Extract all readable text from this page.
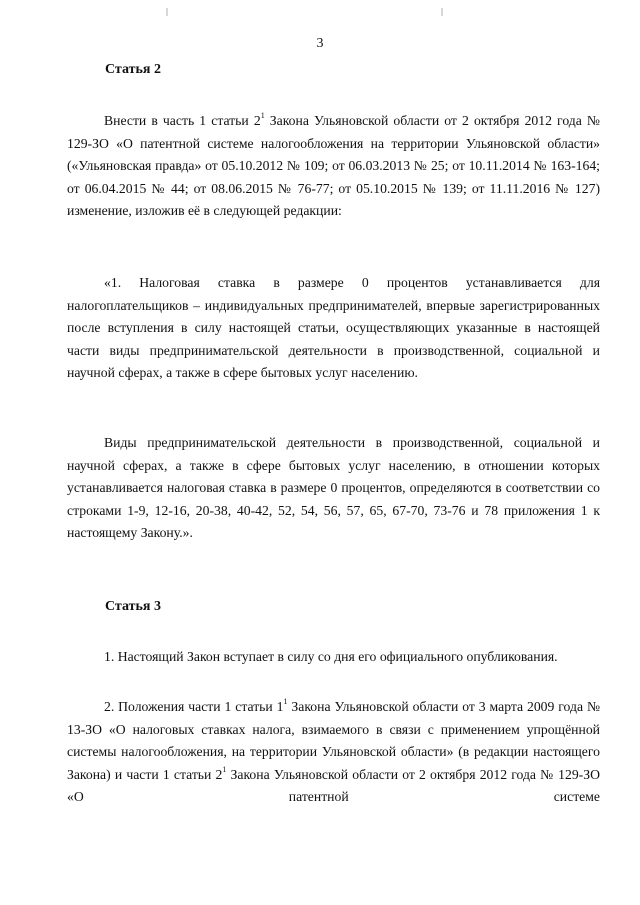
3
Статья 2

Внести в часть 1 статьи $2^1$ Закона Ульяновской области от 2 октября 2012 года № 129-ЗО «О патентной системе налогообложения на территории Ульяновской области» («Ульяновская правда» от 05.10.2012 № 109; от 06.03.2013 № 25; от 10.11.2014 № 163-164; от 06.04.2015 № 44; от 08.06.2015 № 76-77; от 05.10.2015 № 139; от 11.11.2016 № 127) изменение, изложив её в следующей редакции:

«1. Налоговая ставка в размере 0 процентов устанавливается для налогоплательщиков – индивидуальных предпринимателей, впервые зарегистрированных после вступления в силу настоящей статьи, осуществляющих указанные в настоящей части виды предпринимательской деятельности в производственной, социальной и научной сферах, а также в сфере бытовых услуг населению.

Виды предпринимательской деятельности в производственной, социальной и научной сферах, а также в сфере бытовых услуг населению, в отношении которых устанавливается налоговая ставка в размере 0 процентов, определяются в соответствии со строками 1-9, 12-16, 20-38, 40-42, 52, 54, 56, 57, 65, 67-70, 73-76 и 78 приложения 1 к настоящему Закону.».

Статья 3

1. Настоящий Закон вступает в силу со дня его официального опубликования.

2. Положения части 1 статьи $1^1$ Закона Ульяновской области от 3 марта 2009 года № 13-ЗО «О налоговых ставках налога, взимаемого в связи с применением упрощённой системы налогообложения, на территории Ульяновской области» (в редакции настоящего Закона) и части 1 статьи $2^1$ Закона Ульяновской области от 2 октября 2012 года № 129-ЗО «О патентной системе
